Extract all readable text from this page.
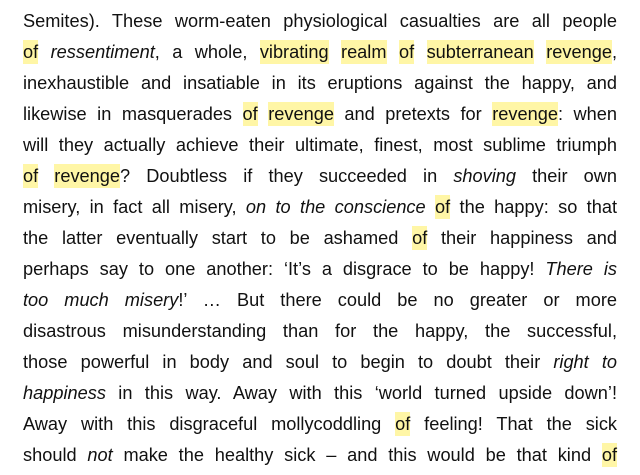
Semites). These worm-eaten physiological casualties are all people
of ressentiment, a whole, vibrating realm of subterranean revenge,
inexhaustible and insatiable in its eruptions against the happy, and
likewise in masquerades of revenge and pretexts for revenge: when
will they actually achieve their ultimate, finest, most sublime triumph
of revenge? Doubtless if they succeeded in shoving their own
misery, in fact all misery, on to the conscience of the happy: so that
the latter eventually start to be ashamed of their happiness and
perhaps say to one another: ‘It’s a disgrace to be happy! There is
too much misery!’ … But there could be no greater or more
disastrous misunderstanding than for the happy, the successful,
those powerful in body and soul to begin to doubt their right to
happiness in this way. Away with this ‘world turned upside down’!
Away with this disgraceful mollycoddling of feeling! That the sick
should not make the healthy sick – and this would be that kind of
